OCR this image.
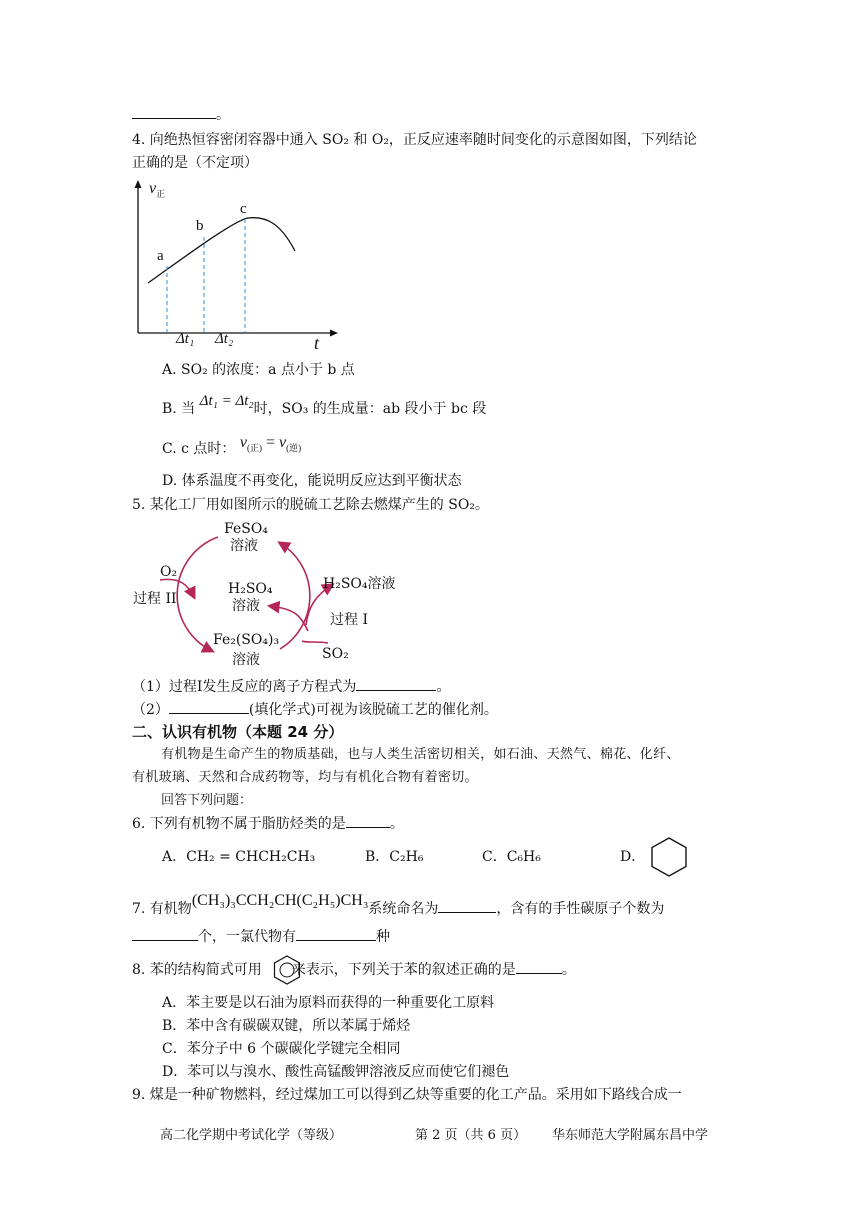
。
4. 向绝热恒容密闭容器中通入 SO₂ 和 O₂，正反应速率随时间变化的示意图如图，下列结论
正确的是（不定项）
$v_正$
a
b
c
Δt₁ Δt₂	t
A. SO₂ 的浓度：a 点小于 b 点
B. 当 Δt₁ = Δt₂时，SO₃ 的生成量：ab 段小于 bc 段
C. c 点时： $v_{(正)} = v_{(逆)}$
D. 体系温度不再变化，能说明反应达到平衡状态
5. 某化工厂用如图所示的脱硫工艺除去燃煤产生的 SO₂。
FeSO₄
溶液
O₂
过程 II
H₂SO₄
溶液
H₂SO₄溶液
过程 I
Fe₂(SO₄)₃
溶液	SO₂
（1）过程I发生反应的离子方程式为	。
（2）	(填化学式)可视为该脱硫工艺的催化剂。
二、认识有机物（本题 24 分）
有机物是生命产生的物质基础，也与人类生活密切相关，如石油、天然气、棉花、化纤、
有机玻璃、天然和合成药物等，均与有机化合物有着密切。
回答下列问题：
6. 下列有机物不属于脂肪烃类的是	。
A．CH₂ = CHCH₂CH₃	B．C₂H₆	C．C₆H₆	D．
7. 有机物(CH₃)₃CCH₂CH(C₂H₅)CH₃系统命名为	，含有的手性碳原子个数为
个，一氯代物有	种
8. 苯的结构简式可用 来表示，下列关于苯的叙述正确的是	。
A．苯主要是以石油为原料而获得的一种重要化工原料
B．苯中含有碳碳双键，所以苯属于烯烃
C．苯分子中 6 个碳碳化学键完全相同
D．苯可以与溴水、酸性高锰酸钾溶液反应而使它们褪色
9. 煤是一种矿物燃料，经过煤加工可以得到乙炔等重要的化工产品。采用如下路线合成一
高二化学期中考试化学（等级）	第 2 页（共 6 页） 华东师范大学附属东昌中学
